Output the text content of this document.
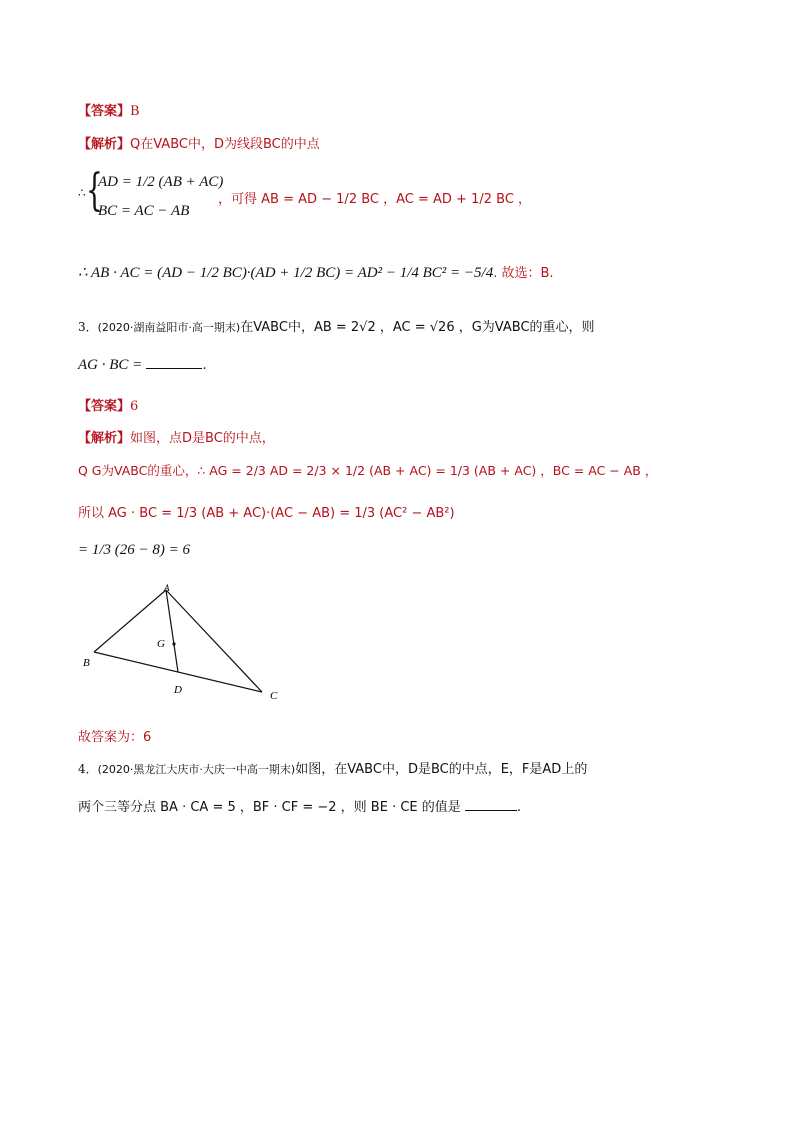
【答案】B
【解析】Q在VABC中，D为线段BC的中点
∴ {
AD = 1/2 (AB + AC)
BC = AC − AB
，可得 AB = AD − 1/2 BC ，AC = AD + 1/2 BC ，
∴ AB · AC = (AD − 1/2 BC)·(AD + 1/2 BC) = AD² − 1/4 BC² = −5/4. 故选：B.
3．(2020·湖南益阳市·高一期末)在VABC中，AB = 2√2 ，AC = √26 ，G为VABC的重心，则
AG · BC =	.
【答案】6
【解析】如图，点D是BC的中点，
Q G为VABC的重心，∴ AG = 2/3 AD = 2/3 × 1/2 (AB + AC) = 1/3 (AB + AC) ，BC = AC − AB ，
所以 AG · BC = 1/3 (AB + AC)·(AC − AB) = 1/3 (AC² − AB²)
= 1/3 (26 − 8) = 6
A
B
C
D
G
故答案为：6
4．(2020·黑龙江大庆市·大庆一中高一期末)如图，在VABC中，D是BC的中点，E，F是AD上的
两个三等分点 BA · CA = 5 ，BF · CF = −2 ，则 BE · CE 的值是	.
